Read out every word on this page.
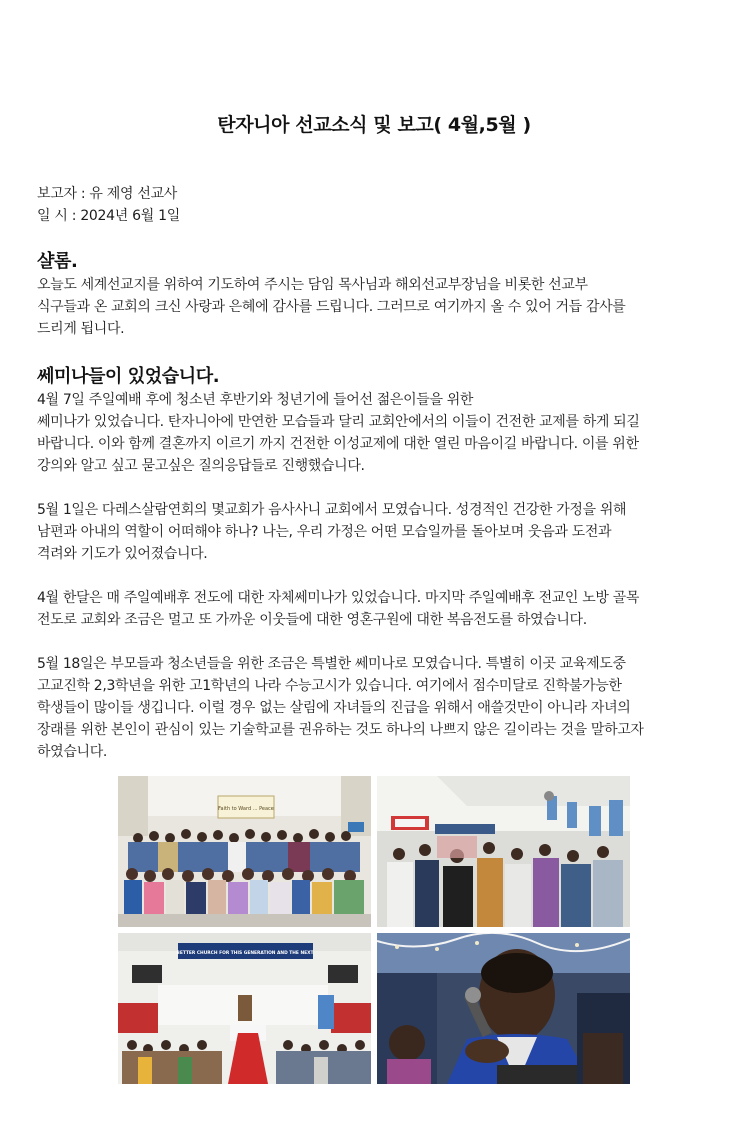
탄자니아 선교소식 및 보고( 4월,5월 )
보고자 : 유 제영 선교사
일 시 : 2024년 6월 1일
샬롬.
오늘도 세계선교지를 위하여 기도하여 주시는 담임 목사님과 해외선교부장님을 비롯한 선교부
식구들과 온 교회의 크신 사랑과 은혜에 감사를 드립니다. 그러므로 여기까지 올 수 있어 거듭 감사를
드리게 됩니다.
쎄미나들이 있었습니다.
4월 7일 주일예배 후에 청소년 후반기와 청년기에 들어선 젊은이들을 위한
쎄미나가 있었습니다. 탄자니아에 만연한 모습들과 달리 교회안에서의 이들이 건전한 교제를 하게 되길
바랍니다. 이와 함께 결혼까지 이르기 까지 건전한 이성교제에 대한 열린 마음이길 바랍니다. 이를 위한
강의와 알고 싶고 묻고싶은 질의응답들로 진행했습니다.
5월 1일은 다레스살람연회의 몇교회가 음사사니 교회에서 모였습니다. 성경적인 건강한 가정을 위해
남편과 아내의 역할이 어떠해야 하나? 나는, 우리 가정은 어떤 모습일까를 돌아보며 웃음과 도전과
격려와 기도가 있어졌습니다.
4월 한달은 매 주일예배후 전도에 대한 자체쎄미나가 있었습니다. 마지막 주일예배후 전교인 노방 골목
전도로 교회와 조금은 멀고 또 가까운 이웃들에 대한 영혼구원에 대한 복음전도를 하였습니다.
5월 18일은 부모들과 청소년들을 위한 조금은 특별한 쎄미나로 모였습니다. 특별히 이곳 교육제도중
고교진학 2,3학년을 위한 고1학년의 나라 수능고시가 있습니다. 여기에서 점수미달로 진학불가능한
학생들이 많이들 생깁니다. 이럴 경우 없는 살림에 자녀들의 진급을 위해서 애쓸것만이 아니라 자녀의
장래를 위한 본인이 관심이 있는 기술학교를 권유하는 것도 하나의 나쁘지 않은 길이라는 것을 말하고자
하였습니다.
Faith to Ward ... Peace
BETTER CHURCH FOR THIS GENERATION AND THE NEXT
